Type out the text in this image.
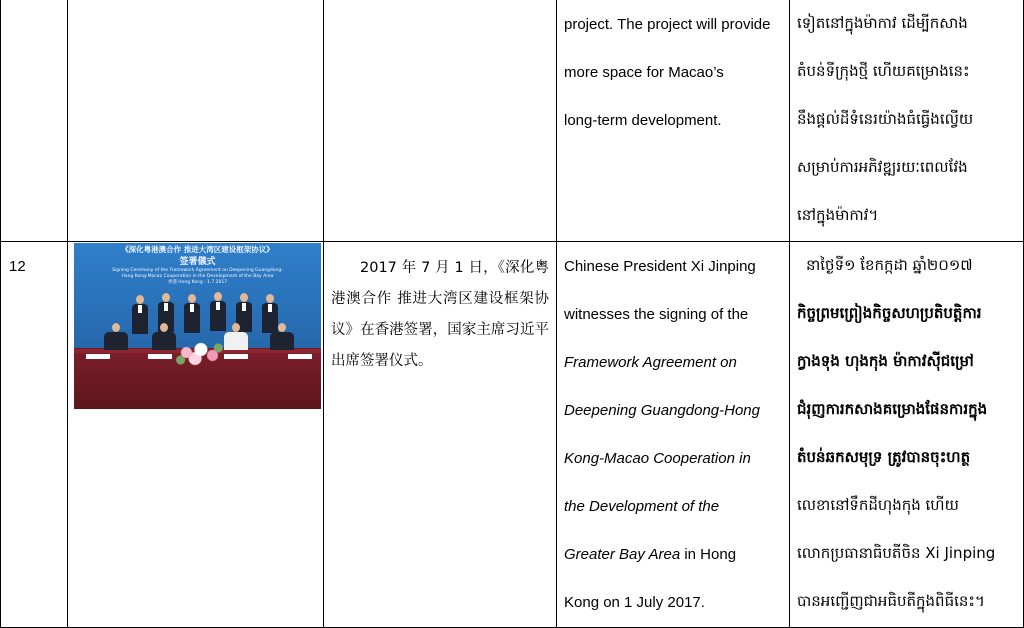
project. The project will provide
more space for Macao’s
long-term development.
ទៀតនៅក្នុងម៉ាកាវ ដើម្បីកសាង
តំបន់ទីក្រុងថ្មី ហើយគម្រោងនេះ
នឹងផ្តល់ដីទំនេរយ៉ាងធំធ្វើងល្វើយ
សម្រាប់ការអភិវឌ្ឍរយៈពេលវែង
នៅក្នុងម៉ាកាវ។
12
《深化粤港澳合作 推进大湾区建设框架协议》
签署儀式
Signing Ceremony of the Framework Agreement on Deepening Guangdong-Hong Kong-Macao Cooperation in the Development of the Bay Area
香港 Hong Kong · 1.7.2017
2017 年 7 月 1 日，《深化粤港澳合作 推进大湾区建设框架协议》在香港签署，国家主席习近平出席签署仪式。
Chinese President Xi Jinping
witnesses the signing of the
Framework Agreement on
Deepening Guangdong-Hong
Kong-Macao Cooperation in
the Development of the
Greater Bay Area in Hong
Kong on 1 July 2017.
នាថ្ងៃទី១ ខែកក្កដា ឆ្នាំ២០១៧
កិច្ចព្រមព្រៀងកិច្ចសហប្រតិបត្តិការ
ក្វាងទុង ហុងកុង ម៉ាកាវស៊ីជម្រៅ
ជំរុញការកសាងគម្រោងផែនការក្នុង
តំបន់ឆកសមុទ្រ ត្រូវបានចុះហត្ថ
លេខានៅទឹកដីហុងកុង ហើយ
លោកប្រធានាធិបតីចិន Xi Jinping
បានអញ្ជើញជាអធិបតីក្នុងពិធីនេះ។
